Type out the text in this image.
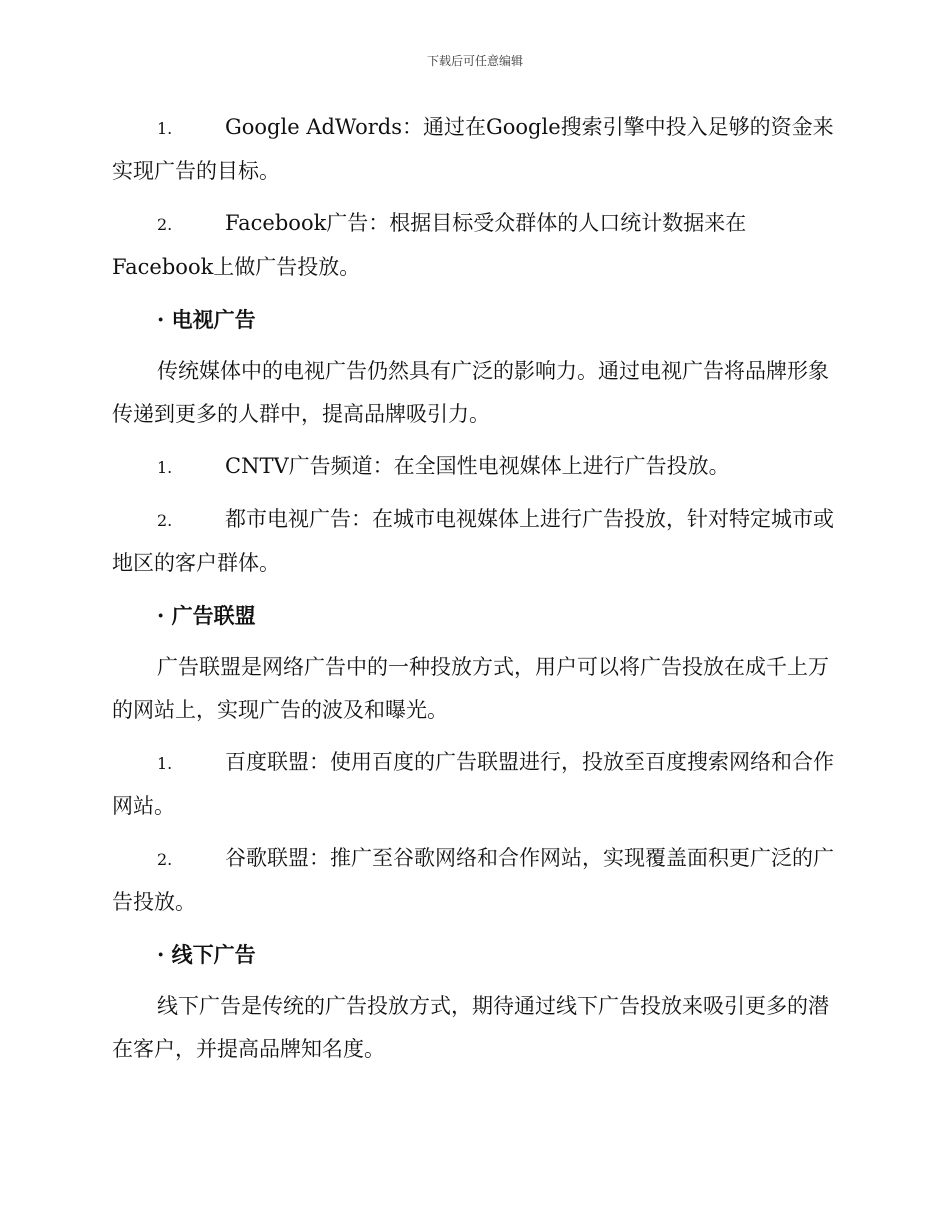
下载后可任意编辑

1.	Google AdWords：通过在Google搜索引擎中投入足够的资金来实现广告的目标。

2.	Facebook广告：根据目标受众群体的人口统计数据来在Facebook上做广告投放。

· 电视广告

传统媒体中的电视广告仍然具有广泛的影响力。通过电视广告将品牌形象传递到更多的人群中，提高品牌吸引力。

1.	CNTV广告频道：在全国性电视媒体上进行广告投放。

2.	都市电视广告：在城市电视媒体上进行广告投放，针对特定城市或地区的客户群体。

· 广告联盟

广告联盟是网络广告中的一种投放方式，用户可以将广告投放在成千上万的网站上，实现广告的波及和曝光。

1.	百度联盟：使用百度的广告联盟进行，投放至百度搜索网络和合作网站。

2.	谷歌联盟：推广至谷歌网络和合作网站，实现覆盖面积更广泛的广告投放。

· 线下广告

线下广告是传统的广告投放方式，期待通过线下广告投放来吸引更多的潜在客户，并提高品牌知名度。
